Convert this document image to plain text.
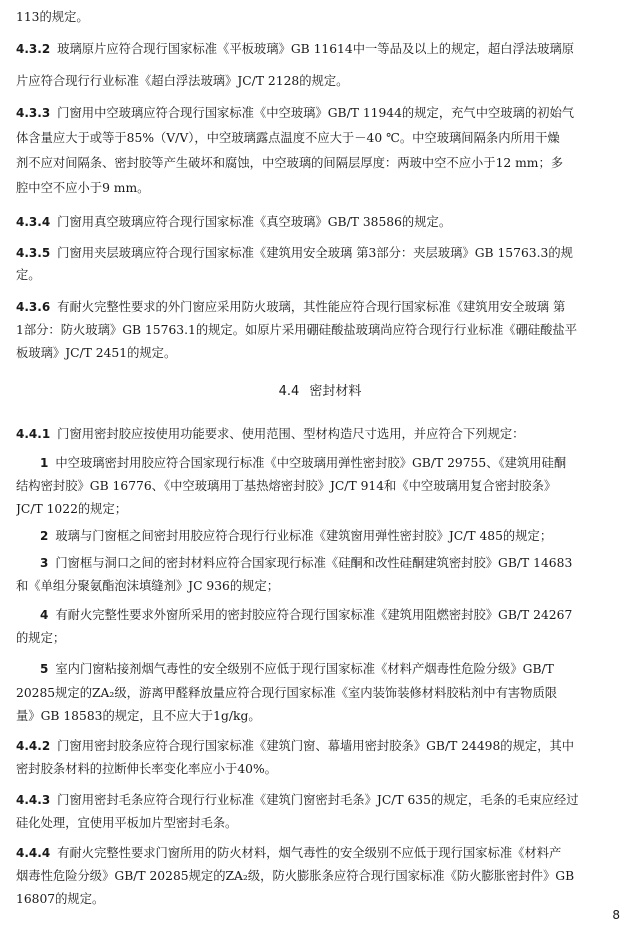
113的规定。
4.3.2 玻璃原片应符合现行国家标准《平板玻璃》GB 11614中一等品及以上的规定，超白浮法玻璃原
片应符合现行行业标准《超白浮法玻璃》JC/T 2128的规定。
4.3.3 门窗用中空玻璃应符合现行国家标准《中空玻璃》GB/T 11944的规定，充气中空玻璃的初始气
体含量应大于或等于85%（V/V），中空玻璃露点温度不应大于－40 ℃。中空玻璃间隔条内所用干燥
剂不应对间隔条、密封胶等产生破坏和腐蚀，中空玻璃的间隔层厚度：两玻中空不应小于12 mm；多
腔中空不应小于9 mm。
4.3.4 门窗用真空玻璃应符合现行国家标准《真空玻璃》GB/T 38586的规定。
4.3.5 门窗用夹层玻璃应符合现行国家标准《建筑用安全玻璃 第3部分：夹层玻璃》GB 15763.3的规
定。
4.3.6 有耐火完整性要求的外门窗应采用防火玻璃，其性能应符合现行国家标准《建筑用安全玻璃 第
1部分：防火玻璃》GB 15763.1的规定。如原片采用硼硅酸盐玻璃尚应符合现行行业标准《硼硅酸盐平
板玻璃》JC/T 2451的规定。
4.4 密封材料
4.4.1 门窗用密封胶应按使用功能要求、使用范围、型材构造尺寸选用，并应符合下列规定：
1 中空玻璃密封用胶应符合国家现行标准《中空玻璃用弹性密封胶》GB/T 29755、《建筑用硅酮
结构密封胶》GB 16776、《中空玻璃用丁基热熔密封胶》JC/T 914和《中空玻璃用复合密封胶条》
JC/T 1022的规定；
2 玻璃与门窗框之间密封用胶应符合现行行业标准《建筑窗用弹性密封胶》JC/T 485的规定；
3 门窗框与洞口之间的密封材料应符合国家现行标准《硅酮和改性硅酮建筑密封胶》GB/T 14683
和《单组分聚氨酯泡沫填缝剂》JC 936的规定；
4 有耐火完整性要求外窗所采用的密封胶应符合现行国家标准《建筑用阻燃密封胶》GB/T 24267
的规定；
5 室内门窗粘接剂烟气毒性的安全级别不应低于现行国家标准《材料产烟毒性危险分级》GB/T
20285规定的ZA₂级，游离甲醛释放量应符合现行国家标准《室内装饰装修材料胶粘剂中有害物质限
量》GB 18583的规定，且不应大于1g/kg。
4.4.2 门窗用密封胶条应符合现行国家标准《建筑门窗、幕墙用密封胶条》GB/T 24498的规定，其中
密封胶条材料的拉断伸长率变化率应小于40%。
4.4.3 门窗用密封毛条应符合现行行业标准《建筑门窗密封毛条》JC/T 635的规定，毛条的毛束应经过
硅化处理，宜使用平板加片型密封毛条。
4.4.4 有耐火完整性要求门窗所用的防火材料，烟气毒性的安全级别不应低于现行国家标准《材料产
烟毒性危险分级》GB/T 20285规定的ZA₂级，防火膨胀条应符合现行国家标准《防火膨胀密封件》GB
16807的规定。
8
